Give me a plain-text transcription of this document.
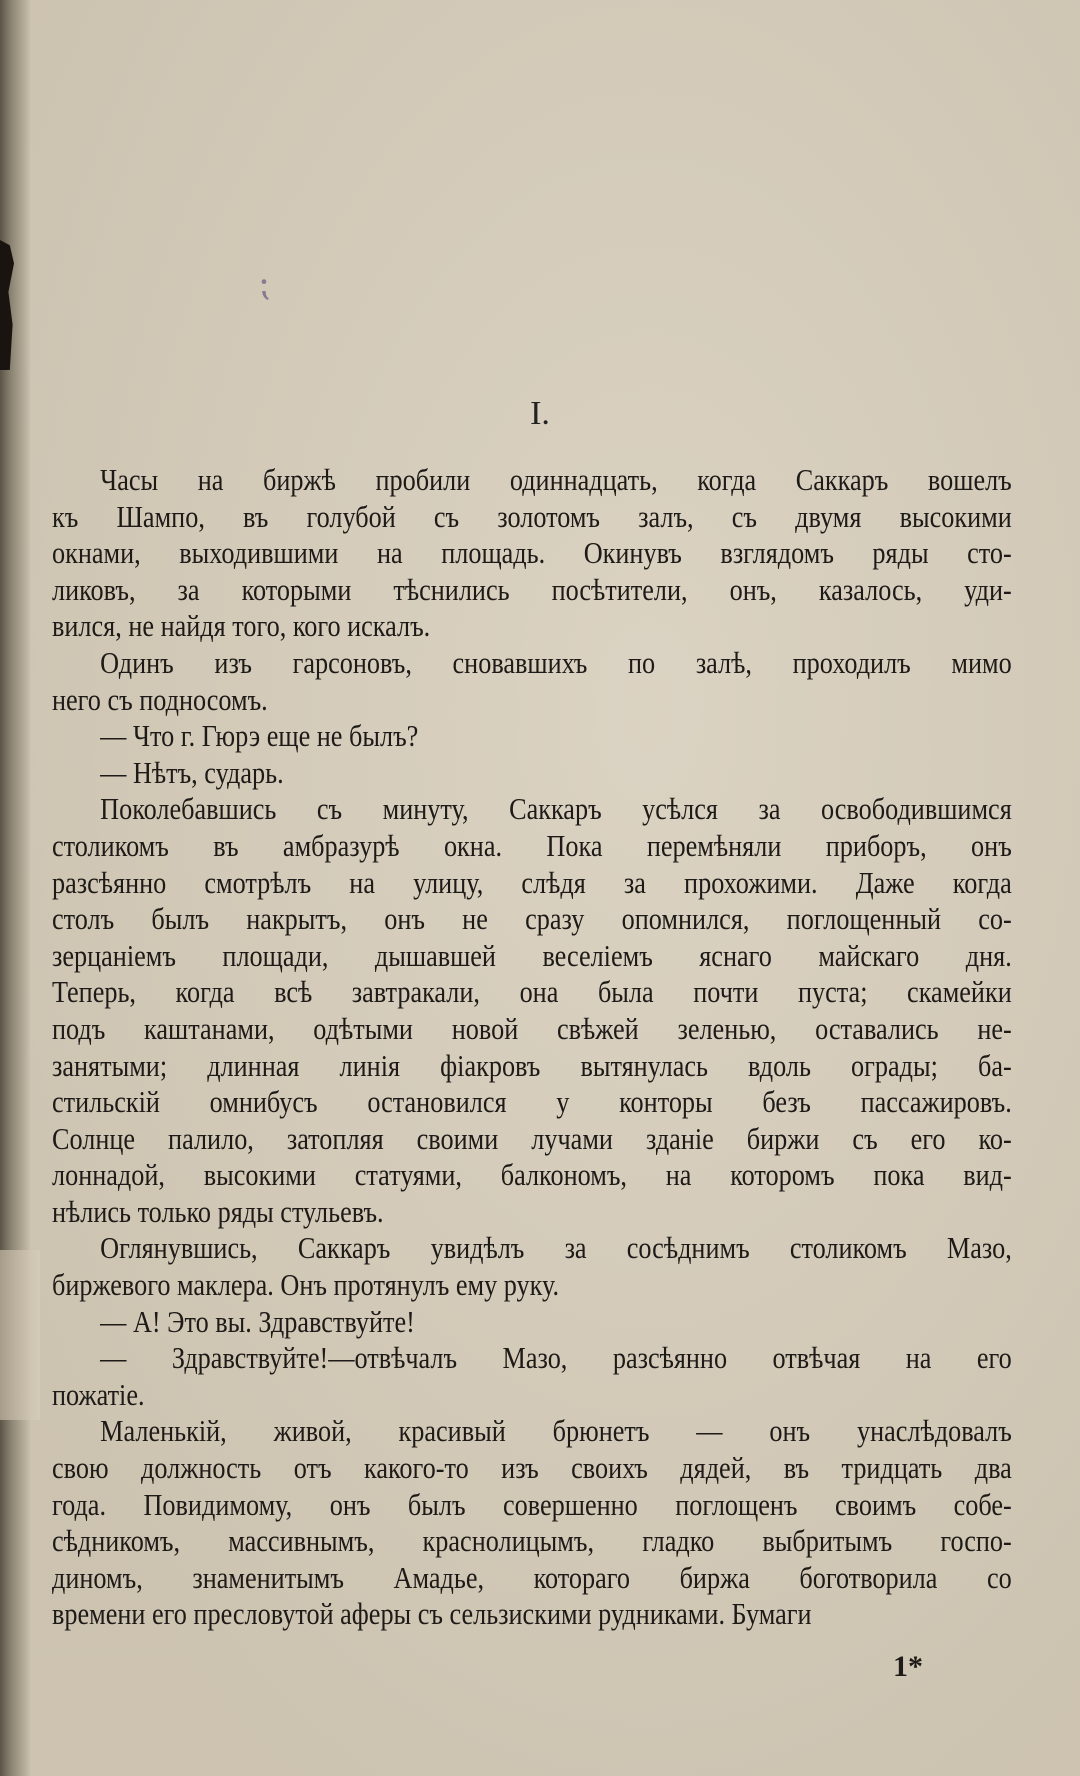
⁏
I.
Часы на биржѣ пробили одиннадцать, когда Саккаръ вошелъ
къ Шампо, въ голубой съ золотомъ залъ, съ двумя высокими
окнами, выходившими на площадь. Окинувъ взглядомъ ряды сто-
ликовъ, за которыми тѣснились посѣтители, онъ, казалось, уди-
вился, не найдя того, кого искалъ.
Одинъ изъ гарсоновъ, сновавшихъ по залѣ, проходилъ мимо
него съ подносомъ.
— Что г. Гюрэ еще не былъ?
— Нѣтъ, сударь.
Поколебавшись съ минуту, Саккаръ усѣлся за освободившимся
столикомъ въ амбразурѣ окна. Пока перемѣняли приборъ, онъ
разсѣянно смотрѣлъ на улицу, слѣдя за прохожими. Даже когда
столъ былъ накрытъ, онъ не сразу опомнился, поглощенный со-
зерцаніемъ площади, дышавшей веселіемъ яснаго майскаго дня.
Теперь, когда всѣ завтракали, она была почти пуста; скамейки
подъ каштанами, одѣтыми новой свѣжей зеленью, оставались не-
занятыми; длинная линія фіакровъ вытянулась вдоль ограды; ба-
стильскій омнибусъ остановился у конторы безъ пассажировъ.
Солнце палило, затопляя своими лучами зданіе биржи съ его ко-
лоннадой, высокими статуями, балкономъ, на которомъ пока вид-
нѣлись только ряды стульевъ.
Оглянувшись, Саккаръ увидѣлъ за сосѣднимъ столикомъ Мазо,
биржевого маклера. Онъ протянулъ ему руку.
— А! Это вы. Здравствуйте!
— Здравствуйте!—отвѣчалъ Мазо, разсѣянно отвѣчая на его
пожатіе.
Маленькій, живой, красивый брюнетъ — онъ унаслѣдовалъ
свою должность отъ какого-то изъ своихъ дядей, въ тридцать два
года. Повидимому, онъ былъ совершенно поглощенъ своимъ собе-
сѣдникомъ, массивнымъ, краснолицымъ, гладко выбритымъ госпо-
диномъ, знаменитымъ Амадье, котораго биржа боготворила со
времени его пресловутой аферы съ сельзискими рудниками. Бумаги
1*
